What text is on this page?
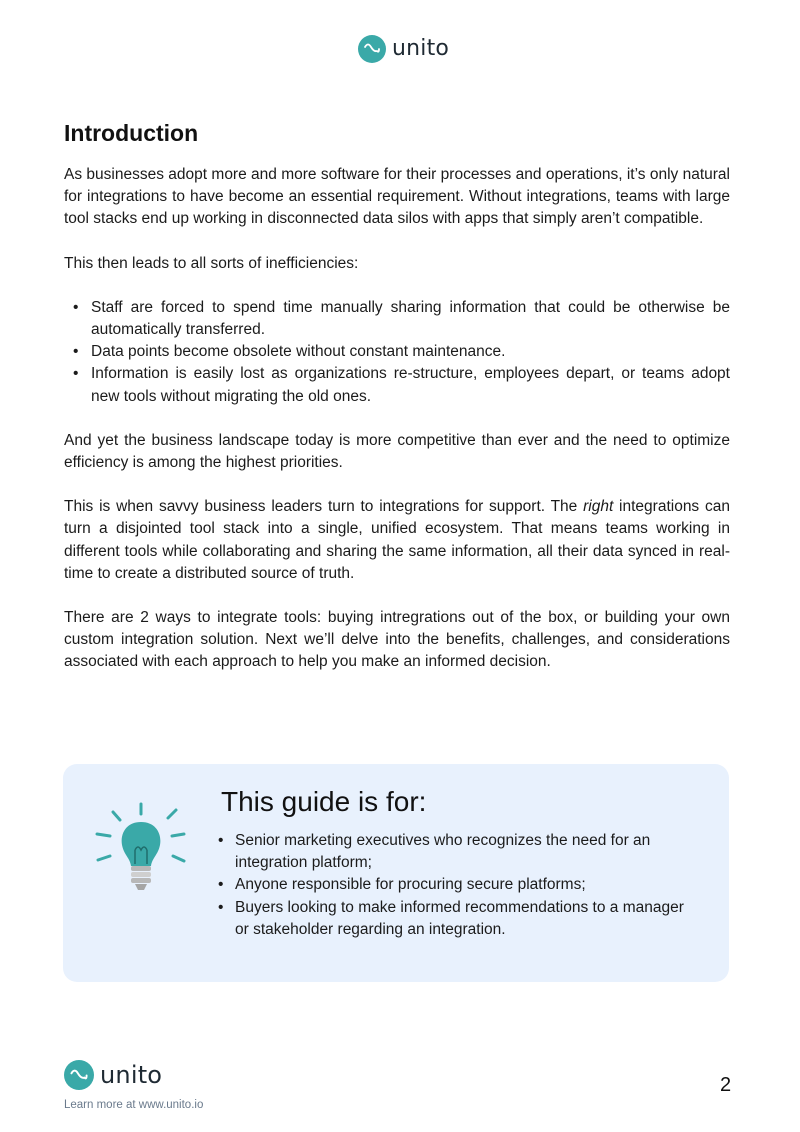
unito
Introduction

As businesses adopt more and more software for their processes and operations, it’s only natural for integrations to have become an essential requirement. Without integrations, teams with large tool stacks end up working in disconnected data silos with apps that simply aren’t compatible.

This then leads to all sorts of inefficiencies:

• Staff are forced to spend time manually sharing information that could be otherwise be automatically transferred.
• Data points become obsolete without constant maintenance.
• Information is easily lost as organizations re-structure, employees depart, or teams adopt new tools without migrating the old ones.

And yet the business landscape today is more competitive than ever and the need to optimize efficiency is among the highest priorities.

This is when savvy business leaders turn to integrations for support. The right integrations can turn a disjointed tool stack into a single, unified ecosystem. That means teams working in different tools while collaborating and sharing the same information, all their data synced in real-time to create a distributed source of truth.

There are 2 ways to integrate tools: buying intregrations out of the box, or building your own custom integration solution. Next we’ll delve into the benefits, challenges, and considerations associated with each approach to help you make an informed decision.

This guide is for:
• Senior marketing executives who recognizes the need for an integration platform;
• Anyone responsible for procuring secure platforms;
• Buyers looking to make informed recommendations to a manager or stakeholder regarding an integration.
unito	2
Learn more at www.unito.io
